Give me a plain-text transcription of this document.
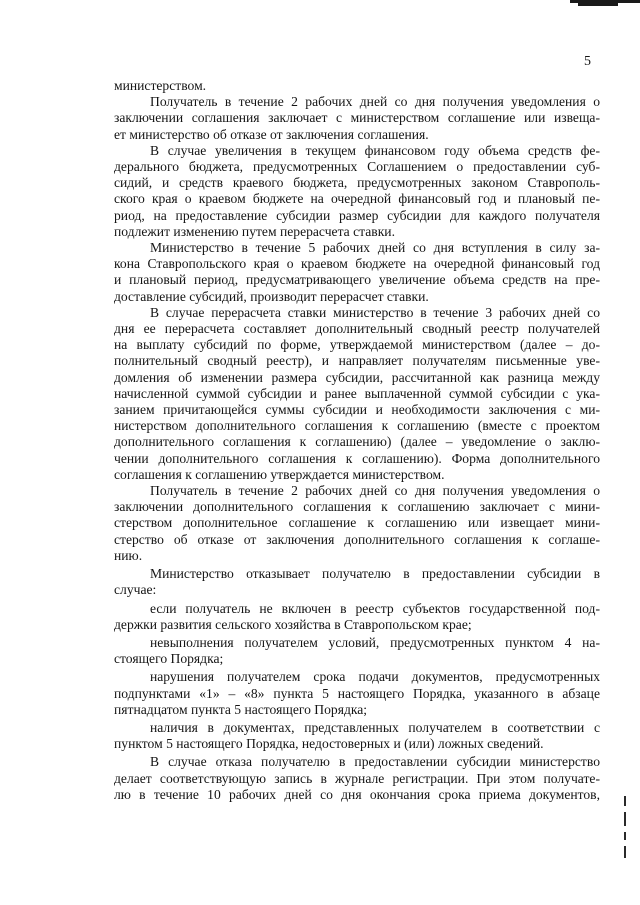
5

министерством.

Получатель в течение 2 рабочих дней со дня получения уведомления о

заключении соглашения заключает с министерством соглашение или извеща-

ет министерство об отказе от заключения соглашения.

В случае увеличения в текущем финансовом году объема средств фе-

дерального бюджета, предусмотренных Соглашением о предоставлении суб-

сидий, и средств краевого бюджета, предусмотренных законом Ставрополь-

ского края о краевом бюджете на очередной финансовый год и плановый пе-

риод, на предоставление субсидии размер субсидии для каждого получателя

подлежит изменению путем перерасчета ставки.

Министерство в течение 5 рабочих дней со дня вступления в силу за-

кона Ставропольского края о краевом бюджете на очередной финансовый год

и плановый период, предусматривающего увеличение объема средств на пре-

доставление субсидий, производит перерасчет ставки.

В случае перерасчета ставки министерство в течение 3 рабочих дней со

дня ее перерасчета составляет дополнительный сводный реестр получателей

на выплату субсидий по форме, утверждаемой министерством (далее – до-

полнительный сводный реестр), и направляет получателям письменные уве-

домления об изменении размера субсидии, рассчитанной как разница между

начисленной суммой субсидии и ранее выплаченной суммой субсидии с ука-

занием причитающейся суммы субсидии и необходимости заключения с ми-

нистерством дополнительного соглашения к соглашению (вместе с проектом

дополнительного соглашения к соглашению) (далее – уведомление о заклю-

чении дополнительного соглашения к соглашению). Форма дополнительного

соглашения к соглашению утверждается министерством.

Получатель в течение 2 рабочих дней со дня получения уведомления о

заключении дополнительного соглашения к соглашению заключает с мини-

стерством дополнительное соглашение к соглашению или извещает мини-

стерство об отказе от заключения дополнительного соглашения к соглаше-

нию.

Министерство отказывает получателю в предоставлении субсидии в

случае:

если получатель не включен в реестр субъектов государственной под-

держки развития сельского хозяйства в Ставропольском крае;

невыполнения получателем условий, предусмотренных пунктом 4 на-

стоящего Порядка;

нарушения получателем срока подачи документов, предусмотренных

подпунктами «1» – «8» пункта 5 настоящего Порядка, указанного в абзаце

пятнадцатом пункта 5 настоящего Порядка;

наличия в документах, представленных получателем в соответствии с

пунктом 5 настоящего Порядка, недостоверных и (или) ложных сведений.

В случае отказа получателю в предоставлении субсидии министерство

делает соответствующую запись в журнале регистрации. При этом получате-

лю в течение 10 рабочих дней со дня окончания срока приема документов,
